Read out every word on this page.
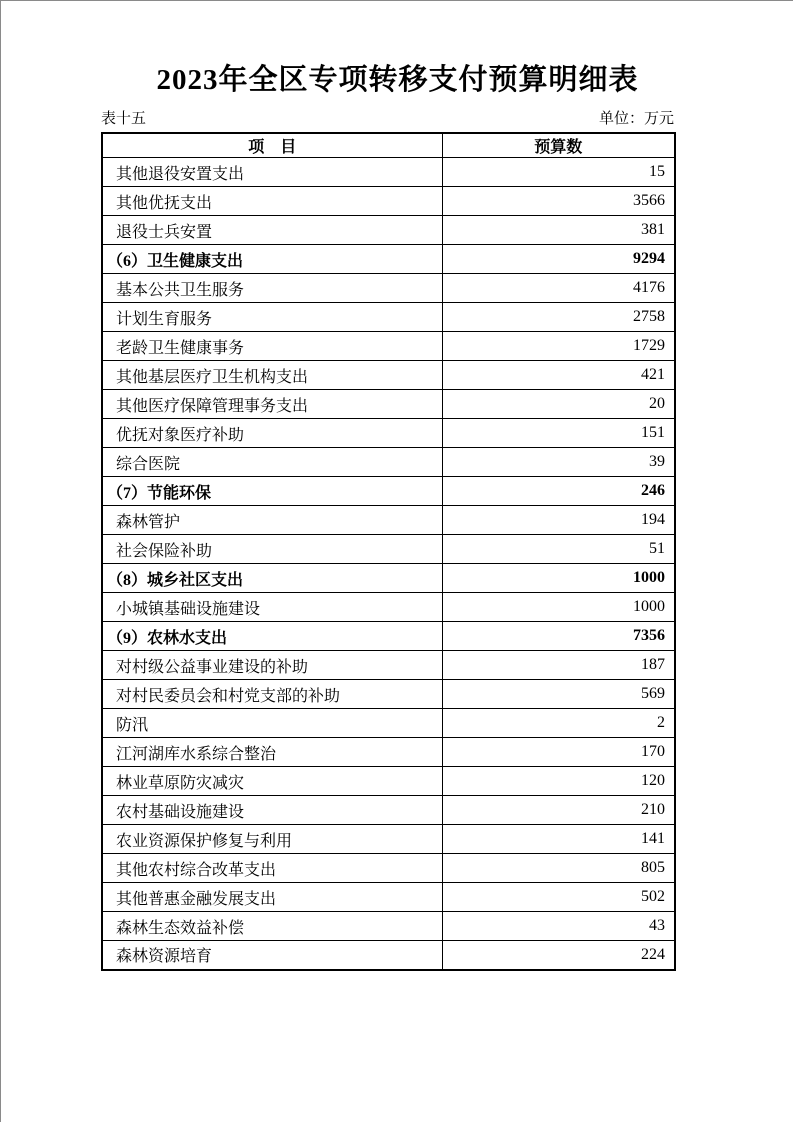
2023年全区专项转移支付预算明细表
表十五	单位：万元
项　目	预算数
其他退役安置支出	15
其他优抚支出	3566
退役士兵安置	381
（6）卫生健康支出	9294
基本公共卫生服务	4176
计划生育服务	2758
老龄卫生健康事务	1729
其他基层医疗卫生机构支出	421
其他医疗保障管理事务支出	20
优抚对象医疗补助	151
综合医院	39
（7）节能环保	246
森林管护	194
社会保险补助	51
（8）城乡社区支出	1000
小城镇基础设施建设	1000
（9）农林水支出	7356
对村级公益事业建设的补助	187
对村民委员会和村党支部的补助	569
防汛	2
江河湖库水系综合整治	170
林业草原防灾减灾	120
农村基础设施建设	210
农业资源保护修复与利用	141
其他农村综合改革支出	805
其他普惠金融发展支出	502
森林生态效益补偿	43
森林资源培育	224
